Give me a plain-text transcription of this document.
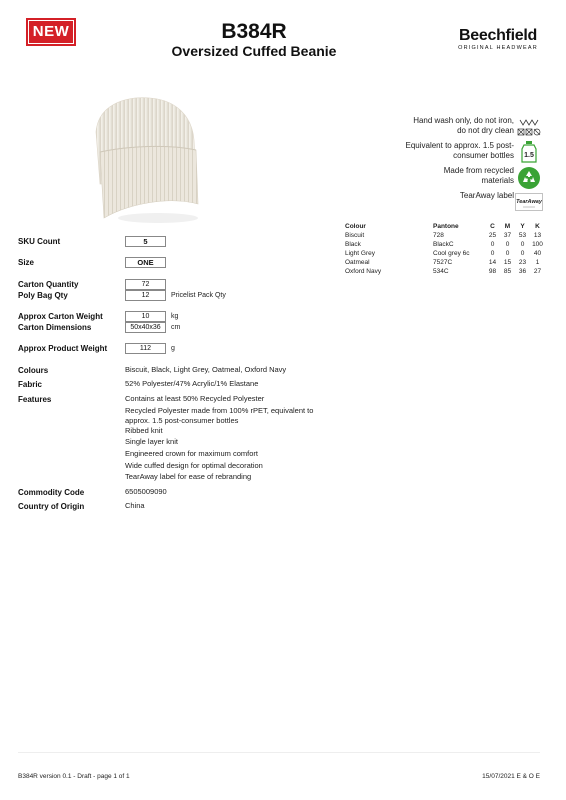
NEW	B384R
Oversized Cuffed Beanie
Beechfield
ORIGINAL HEADWEAR
Hand wash only, do not iron, do not dry clean
Equivalent to approx. 1.5 post-consumer bottles 1.5
Made from recycled materials
TearAway label
TearAway
Colour	Pantone	C	M	Y	K
Biscuit	728	25	37	53	13
Black	BlackC	0	0	0	100
Light Grey	Cool grey 6c	0	0	0	40
Oatmeal	7527C	14	15	23	1
Oxford Navy	534C	98	85	36	27
SKU Count	5
Size	ONE
Carton Quantity	72
Poly Bag Qty	12	Pricelist Pack Qty
Approx Carton Weight	10	kg
Carton Dimensions	50x40x36	cm
Approx Product Weight	112	g
Colours	Biscuit, Black, Light Grey, Oatmeal, Oxford Navy
Fabric	52% Polyester/47% Acrylic/1% Elastane
Features	Contains at least 50% Recycled Polyester
Recycled Polyester made from 100% rPET, equivalent to approx. 1.5 post-consumer bottles
Ribbed knit
Single layer knit
Engineered crown for maximum comfort
Wide cuffed design for optimal decoration
TearAway label for ease of rebranding
Commodity Code	6505009090
Country of Origin	China
B384R version 0.1 - Draft - page 1 of 1	15/07/2021 E & O E
